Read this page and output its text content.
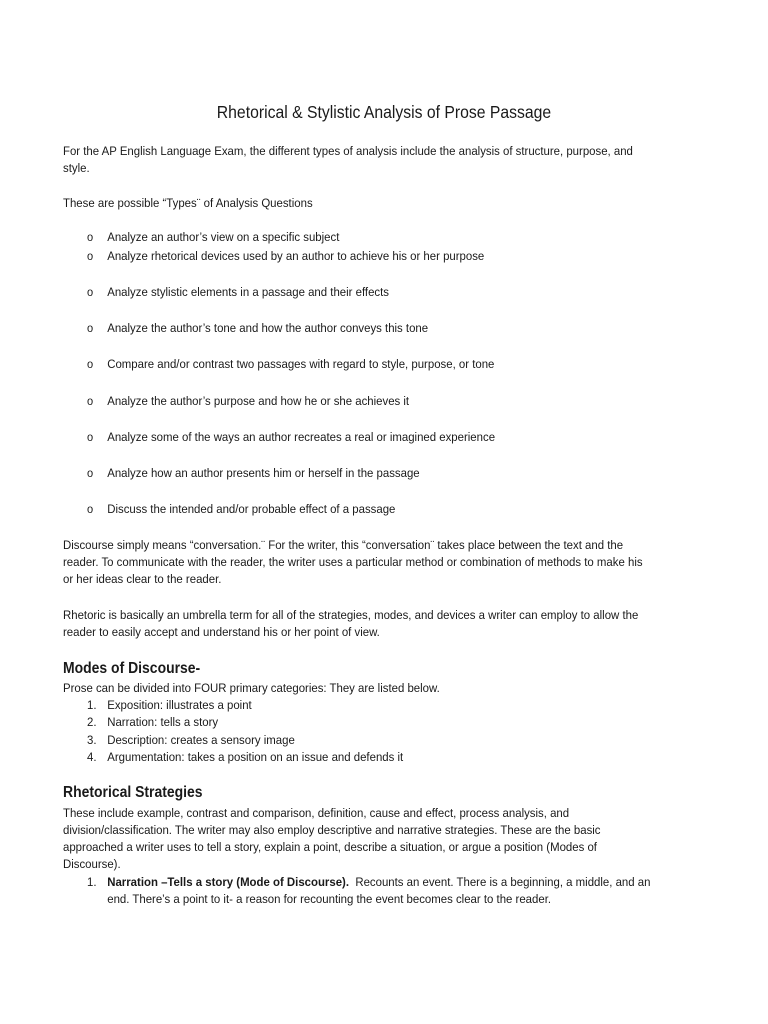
Rhetorical & Stylistic Analysis of Prose Passage
For the AP English Language Exam, the different types of analysis include the analysis of structure, purpose, and
style.
These are possible “Types¨ of Analysis Questions
o Analyze an author’s view on a specific subject
o Analyze rhetorical devices used by an author to achieve his or her purpose
o Analyze stylistic elements in a passage and their effects
o Analyze the author’s tone and how the author conveys this tone
o Compare and/or contrast two passages with regard to style, purpose, or tone
o Analyze the author’s purpose and how he or she achieves it
o Analyze some of the ways an author recreates a real or imagined experience
o Analyze how an author presents him or herself in the passage
o Discuss the intended and/or probable effect of a passage
Discourse simply means “conversation.¨ For the writer, this “conversation¨ takes place between the text and the
reader. To communicate with the reader, the writer uses a particular method or combination of methods to make his
or her ideas clear to the reader.
Rhetoric is basically an umbrella term for all of the strategies, modes, and devices a writer can employ to allow the
reader to easily accept and understand his or her point of view.
Modes of Discourse-
Prose can be divided into FOUR primary categories: They are listed below.
1. Exposition: illustrates a point
2. Narration: tells a story
3. Description: creates a sensory image
4. Argumentation: takes a position on an issue and defends it
Rhetorical Strategies
These include example, contrast and comparison, definition, cause and effect, process analysis, and
division/classification. The writer may also employ descriptive and narrative strategies. These are the basic
approached a writer uses to tell a story, explain a point, describe a situation, or argue a position (Modes of
Discourse).
1. Narration –Tells a story (Mode of Discourse).  Recounts an event. There is a beginning, a middle, and an
end. There’s a point to it- a reason for recounting the event becomes clear to the reader.
